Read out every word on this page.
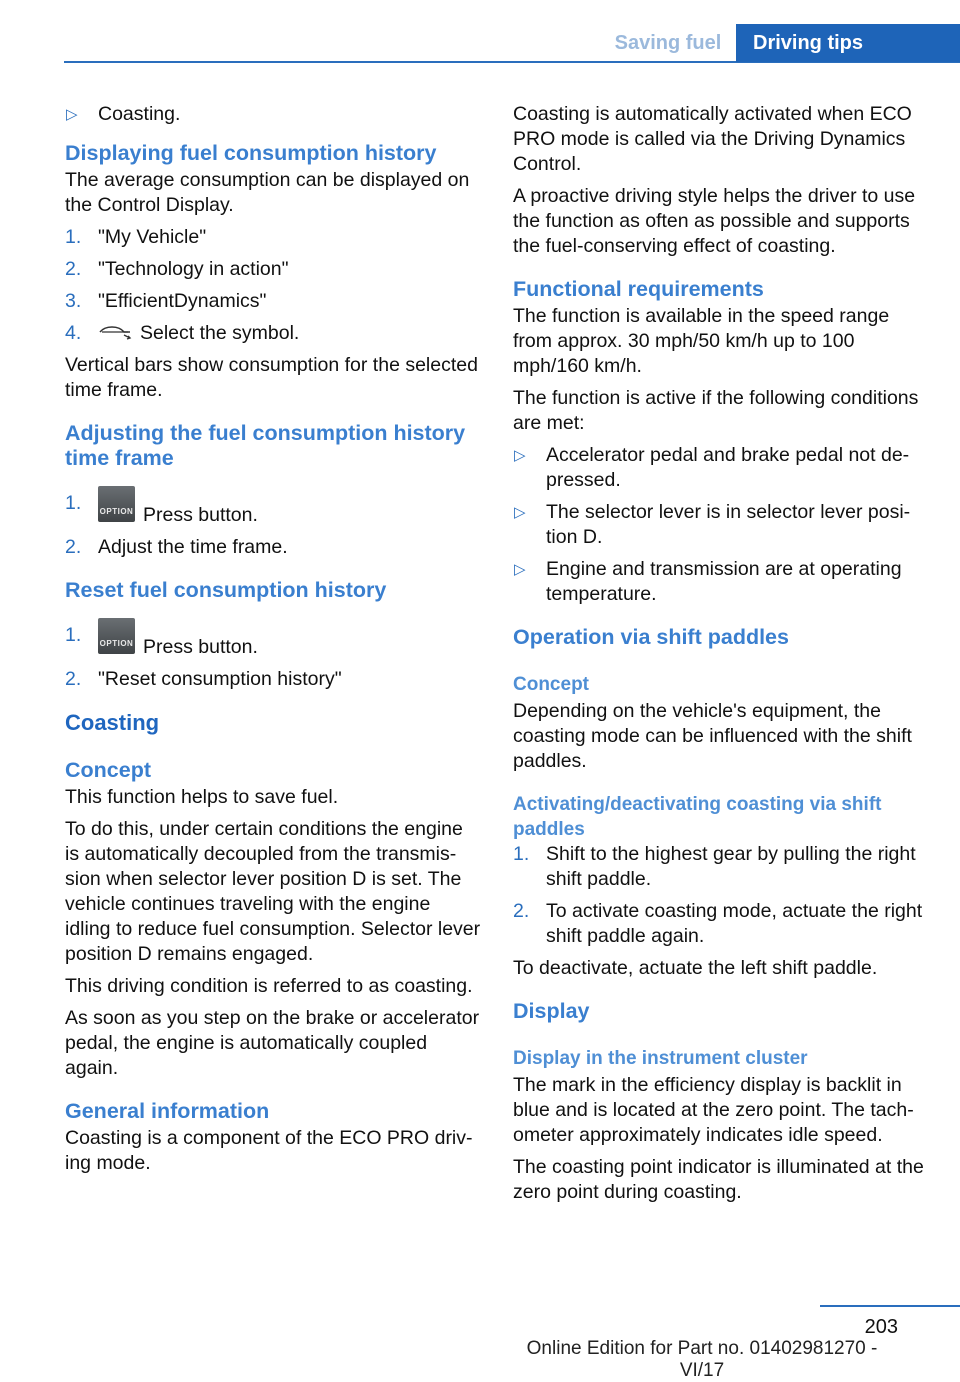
Saving fuel	Driving tips
▷ Coasting.
Displaying fuel consumption history

The average consumption can be displayed on the Control Display.

1. "My Vehicle"
2. "Technology in action"
3. "EfficientDynamics"
4.	Select the symbol.

Vertical bars show consumption for the selected time frame.

Adjusting the fuel consumption history time frame
1. OPTION Press button.
2. Adjust the time frame.
Reset fuel consumption history
1. OPTION Press button.
2. "Reset consumption history"
Coasting
Concept

This function helps to save fuel.

To do this, under certain conditions the engine is automatically decoupled from the transmission when selector lever position D is set. The vehicle continues traveling with the engine idling to reduce fuel consumption. Selector lever position D remains engaged.

This driving condition is referred to as coasting.

As soon as you step on the brake or accelerator pedal, the engine is automatically coupled again.

General information

Coasting is a component of the ECO PRO driving mode.

Coasting is automatically activated when ECO PRO mode is called via the Driving Dynamics Control.

A proactive driving style helps the driver to use the function as often as possible and supports the fuel-conserving effect of coasting.

Functional requirements

The function is available in the speed range from approx. 30 mph/50 km/h up to 100 mph/160 km/h.

The function is active if the following conditions are met:

▷ Accelerator pedal and brake pedal not depressed.
▷ The selector lever is in selector lever position D.
▷ Engine and transmission are at operating temperature.
Operation via shift paddles
Concept

Depending on the vehicle's equipment, the coasting mode can be influenced with the shift paddles.

Activating/deactivating coasting via shift paddles
1. Shift to the highest gear by pulling the right shift paddle.
2. To activate coasting mode, actuate the right shift paddle again.

To deactivate, actuate the left shift paddle.

Display
Display in the instrument cluster

The mark in the efficiency display is backlit in blue and is located at the zero point. The tachometer approximately indicates idle speed.

The coasting point indicator is illuminated at the zero point during coasting.

203
Online Edition for Part no. 01402981270 - VI/17
